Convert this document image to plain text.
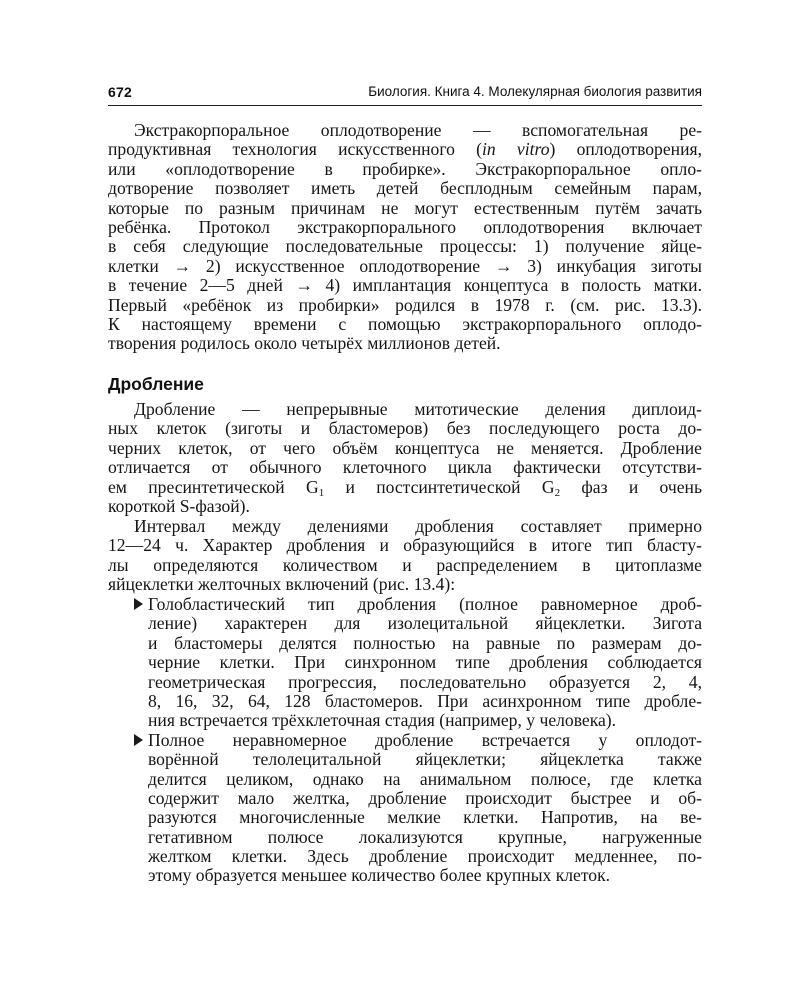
672	Биология. Книга 4. Молекулярная биология развития
Экстракорпоральное оплодотворение — вспомогательная ре-
продуктивная технология искусственного (in vitro) оплодотворения,
или «оплодотворение в пробирке». Экстракорпоральное опло-
дотворение позволяет иметь детей бесплодным семейным парам,
которые по разным причинам не могут естественным путём зачать
ребёнка. Протокол экстракорпорального оплодотворения включает
в себя следующие последовательные процессы: 1) получение яйце-
клетки → 2) искусственное оплодотворение → 3) инкубация зиготы
в течение 2—5 дней → 4) имплантация концептуса в полость матки.
Первый «ребёнок из пробирки» родился в 1978 г. (см. рис. 13.3).
К настоящему времени с помощью экстракорпорального оплодо-
творения родилось около четырёх миллионов детей.
Дробление
Дробление — непрерывные митотические деления диплоид-
ных клеток (зиготы и бластомеров) без последующего роста до-
черних клеток, от чего объём концептуса не меняется. Дробление
отличается от обычного клеточного цикла фактически отсутстви-
ем пресинтетической $G_1$ и постсинтетической $G_2$ фаз и очень
короткой S-фазой).
Интервал между делениями дробления составляет примерно
12—24 ч. Характер дробления и образующийся в итоге тип бласту-
лы определяются количеством и распределением в цитоплазме
яйцеклетки желточных включений (рис. 13.4):
Голобластический тип дробления (полное равномерное дроб-
ление) характерен для изолецитальной яйцеклетки. Зигота
и бластомеры делятся полностью на равные по размерам до-
черние клетки. При синхронном типе дробления соблюдается
геометрическая прогрессия, последовательно образуется 2, 4,
8, 16, 32, 64, 128 бластомеров. При асинхронном типе дробле-
ния встречается трёхклеточная стадия (например, у человека).
Полное неравномерное дробление встречается у оплодот-
ворённой телолецитальной яйцеклетки; яйцеклетка также
делится целиком, однако на анимальном полюсе, где клетка
содержит мало желтка, дробление происходит быстрее и об-
разуются многочисленные мелкие клетки. Напротив, на ве-
гетативном полюсе локализуются крупные, нагруженные
желтком клетки. Здесь дробление происходит медленнее, по-
этому образуется меньшее количество более крупных клеток.
